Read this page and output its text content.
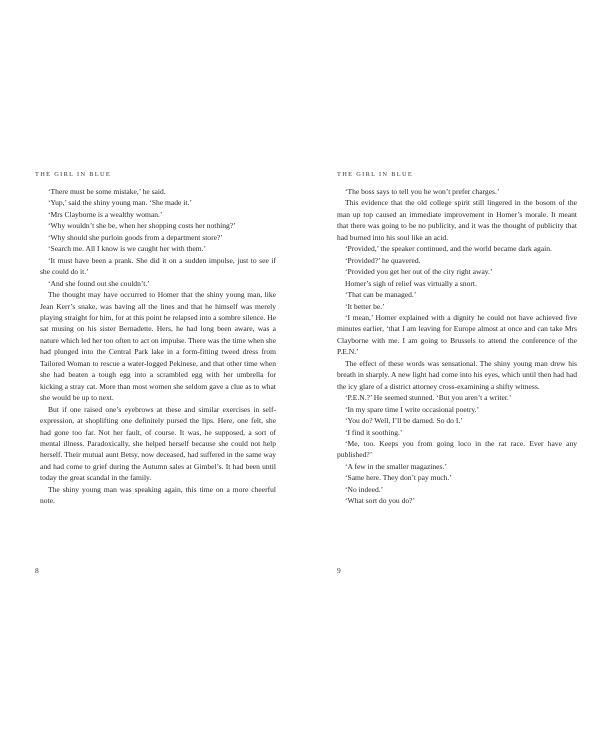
THE GIRL IN BLUE

‘There must be some mistake,’ he said.

‘Yup,’ said the shiny young man. ‘She made it.’

‘Mrs Clayborne is a wealthy woman.’

‘Why wouldn’t she be, when her shopping costs her nothing?’

‘Why should she purloin goods from a department store?’

‘Search me. All I know is we caught her with them.’

‘It must have been a prank. She did it on a sudden impulse, just to see if she could do it.’

‘And she found out she couldn’t.’

The thought may have occurred to Homer that the shiny young man, like Jean Kerr’s snake, was baving all the lines and that he himself was merely playing straight for him, for at this point he relapsed into a sombre silence. He sat musing on his sister Bernadette. Hers, he had long been aware, was a nature which led her too often to act on impulse. There was the time when she had plunged into the Central Park lake in a form-fitting tweed dress from Tailored Woman to rescue a water-logged Pekinese, and that other time when she had beaten a tough egg into a scrambled egg with her umbrella for kicking a stray cat. More than most women she seldom gave a clue as to what she would be up to next.

But if one raised one’s eyebrows at these and similar exercises in self-expression, at shoplifting one definitely pursed the lips. Here, one felt, she had gone too far. Not her fault, of course. It was, he supposed, a sort of mental illness. Paradoxically, she helped herself because she could not help herself. Their mutual aunt Betsy, now deceased, had suffered in the same way and had come to grief during the Autumn sales at Gimbel’s. It had been until today the great scandal in the family.

The shiny young man was speaking again, this time on a more cheerful note.

8
THE GIRL IN BLUE

‘The boss says to tell you he won’t prefer charges.’

This evidence that the old college spirit still lingered in the bosom of the man up top caused an immediate improvement in Homer’s morale. It meant that there was going to be no publicity, and it was the thought of publicity that had burned into his soul like an acid.

‘Provided,’ the speaker continued, and the world became dark again.

‘Provided?’ he quavered.

‘Provided you get her out of the city right away.’

Homer’s sigh of relief was virtually a snort.

‘That can be managed.’

‘It better be.’

‘I mean,’ Homer explained with a dignity he could not have achieved five minutes earlier, ‘that I am leaving for Europe almost at once and can take Mrs Clayborne with me. I am going to Brussels to attend the conference of the P.E.N.’

The effect of these words was sensational. The shiny young man drew his breath in sharply. A new light had come into his eyes, which until then had had the icy glare of a district attorney cross-examining a shifty witness.

‘P.E.N.?’ He seemed stunned. ‘But you aren’t a writer.’

‘In my spare time I write occasional poetry.’

‘You do? Well, I’ll be darned. So do I.’

‘I find it soothing.’

‘Me, too. Keeps you from going loco in the rat race. Ever have any published?’

‘A few in the smaller magazines.’

‘Same here. They don’t pay much.’

‘No indeed.’

‘What sort do you do?’

9
